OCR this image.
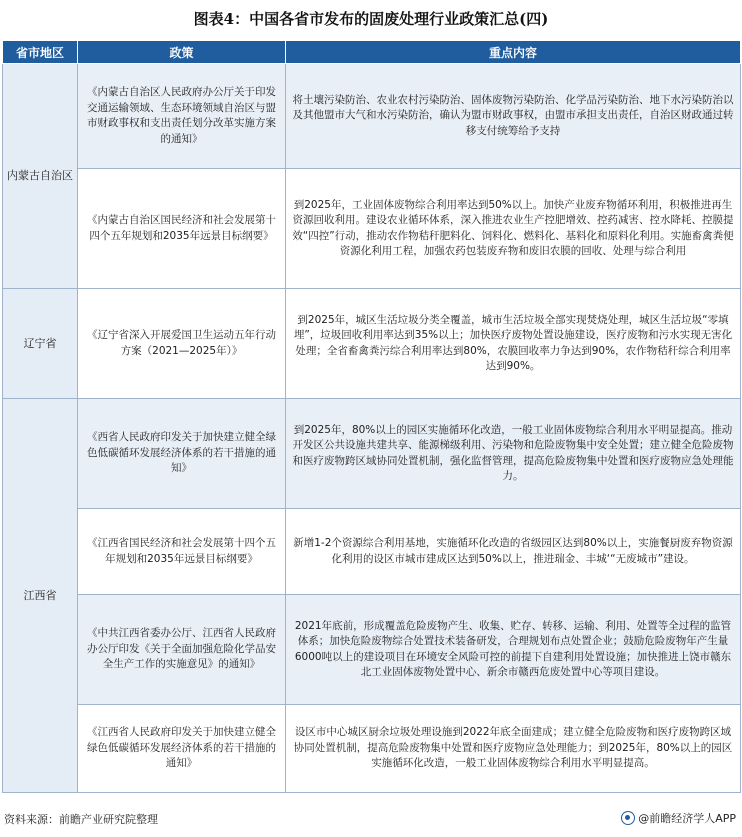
图表4：中国各省市发布的固废处理行业政策汇总(四)
省市地区	政策	重点内容
内蒙古自治区	《内蒙古自治区人民政府办公厅关于印发交通运输领域、生态环境领域自治区与盟市财政事权和支出责任划分改革实施方案的通知》	将土壤污染防治、农业农村污染防治、固体废物污染防治、化学品污染防治、地下水污染防治以及其他盟市大气和水污染防治，确认为盟市财政事权，由盟市承担支出责任，自治区财政通过转移支付统筹给予支持
	《内蒙古自治区国民经济和社会发展第十四个五年规划和2035年远景目标纲要》	到2025年，工业固体废物综合利用率达到50%以上。加快产业废弃物循环利用，积极推进再生资源回收利用。建设农业循环体系，深入推进农业生产控肥增效、控药减害、控水降耗、控膜提效“四控”行动，推动农作物秸秆肥料化、饲料化、燃料化、基料化和原料化利用。实施畜禽粪便资源化利用工程，加强农药包装废弃物和废旧农膜的回收、处理与综合利用
辽宁省	《辽宁省深入开展爱国卫生运动五年行动方案（2021—2025年）》	到2025年，城区生活垃圾分类全覆盖，城市生活垃圾全部实现焚烧处理，城区生活垃圾“零填埋”，垃圾回收利用率达到35%以上；加快医疗废物处置设施建设，医疗废物和污水实现无害化处理；全省畜禽粪污综合利用率达到80%，农膜回收率力争达到90%，农作物秸秆综合利用率达到90%。
江西省	《西省人民政府印发关于加快建立健全绿色低碳循环发展经济体系的若干措施的通知》	到2025年，80%以上的园区实施循环化改造，一般工业固体废物综合利用水平明显提高。推动开发区公共设施共建共享、能源梯级利用、污染物和危险废物集中安全处置；建立健全危险废物和医疗废物跨区域协同处置机制，强化监督管理，提高危险废物集中处置和医疗废物应急处理能力。
	《江西省国民经济和社会发展第十四个五年规划和2035年远景目标纲要》	新增1-2个资源综合利用基地，实施循环化改造的省级园区达到80%以上，实施餐厨废弃物资源化利用的设区市城市建成区达到50%以上，推进瑞金、丰城‘“无废城市”建设。
	《中共江西省委办公厅、江西省人民政府办公厅印发《关于全面加强危险化学品安全生产工作的实施意见》的通知》	2021年底前，形成覆盖危险废物产生、收集、贮存、转移、运输、利用、处置等全过程的监管体系；加快危险废物综合处置技术装备研发，合理规划布点处置企业；鼓励危险废物年产生量6000吨以上的建设项目在环境安全风险可控的前提下自建利用处置设施；加快推进上饶市赣东北工业固体废物处置中心、新余市赣西危废处置中心等项目建设。
	《江西省人民政府印发关于加快建立健全绿色低碳循环发展经济体系的若干措施的通知》	设区市中心城区厨余垃圾处理设施到2022年底全面建成；建立健全危险废物和医疗废物跨区域协同处置机制，提高危险废物集中处置和医疗废物应急处理能力；到2025年，80%以上的园区实施循环化改造，一般工业固体废物综合利用水平明显提高。
资料来源：前瞻产业研究院整理	@前瞻经济学人APP
